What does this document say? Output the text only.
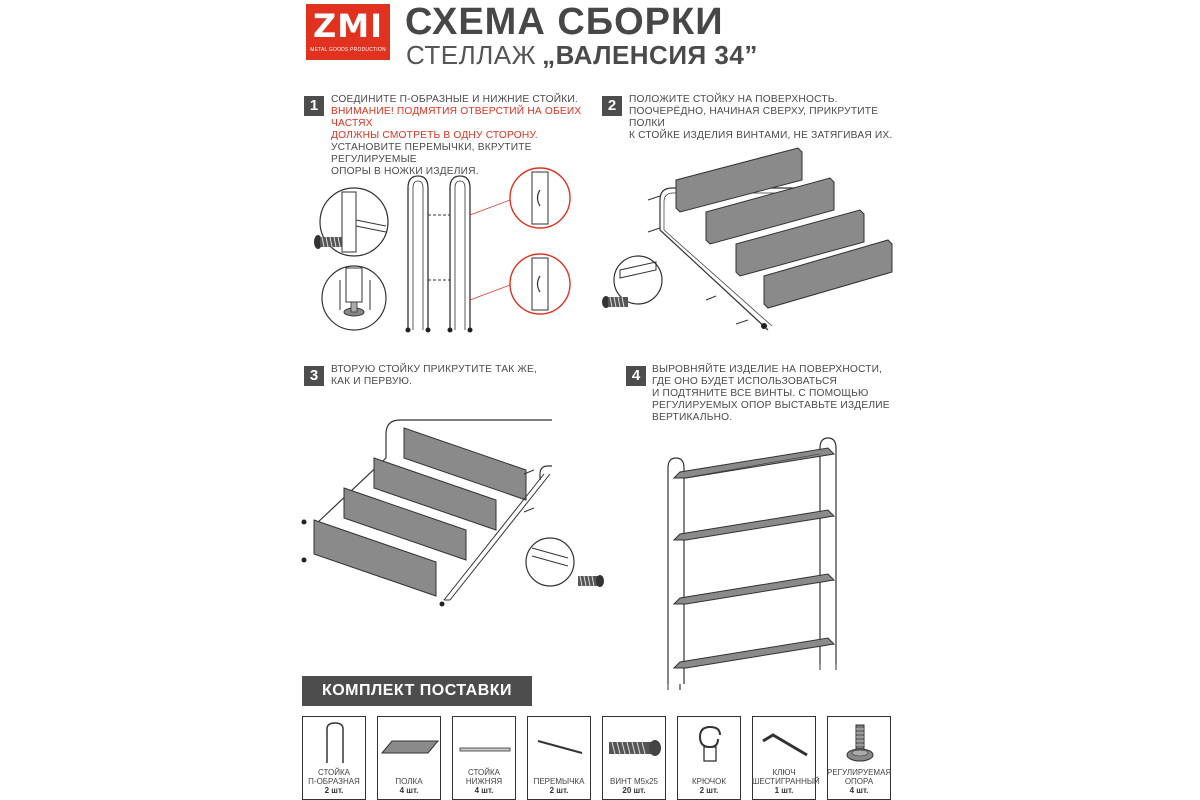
ZMI
METAL GOODS PRODUCTION
СХЕМА СБОРКИ
СТЕЛЛАЖ „ВАЛЕНСИЯ 34”
1	СОЕДИНИТЕ П-ОБРАЗНЫЕ И НИЖНИЕ СТОЙКИ.
ВНИМАНИЕ! ПОДМЯТИЯ ОТВЕРСТИЙ НА ОБЕИХ ЧАСТЯХ
ДОЛЖНЫ СМОТРЕТЬ В ОДНУ СТОРОНУ.
УСТАНОВИТЕ ПЕРЕМЫЧКИ, ВКРУТИТЕ РЕГУЛИРУЕМЫЕ
ОПОРЫ В НОЖКИ ИЗДЕЛИЯ.
2	ПОЛОЖИТЕ СТОЙКУ НА ПОВЕРХНОСТЬ.
ПООЧЕРЁДНО, НАЧИНАЯ СВЕРХУ, ПРИКРУТИТЕ ПОЛКИ
К СТОЙКЕ ИЗДЕЛИЯ ВИНТАМИ, НЕ ЗАТЯГИВАЯ ИХ.
3	ВТОРУЮ СТОЙКУ ПРИКРУТИТЕ ТАК ЖЕ,
КАК И ПЕРВУЮ.	4	ВЫРОВНЯЙТЕ ИЗДЕЛИЕ НА ПОВЕРХНОСТИ,
ГДЕ ОНО БУДЕТ ИСПОЛЬЗОВАТЬСЯ
И ПОДТЯНИТЕ ВСЕ ВИНТЫ. С ПОМОЩЬЮ
РЕГУЛИРУЕМЫХ ОПОР ВЫСТАВЬТЕ ИЗДЕЛИЕ
ВЕРТИКАЛЬНО.
КОМПЛЕКТ ПОСТАВКИ
СТОЙКА
П-ОБРАЗНАЯ
2 шт.
ПОЛКА
4 шт.
СТОЙКА
НИЖНЯЯ
4 шт.
ПЕРЕМЫЧКА
2 шт.
ВИНТ М5х25
20 шт.
КРЮЧОК
2 шт.
КЛЮЧ
ШЕСТИГРАННЫЙ
1 шт.
РЕГУЛИРУЕМАЯ
ОПОРА
4 шт.
